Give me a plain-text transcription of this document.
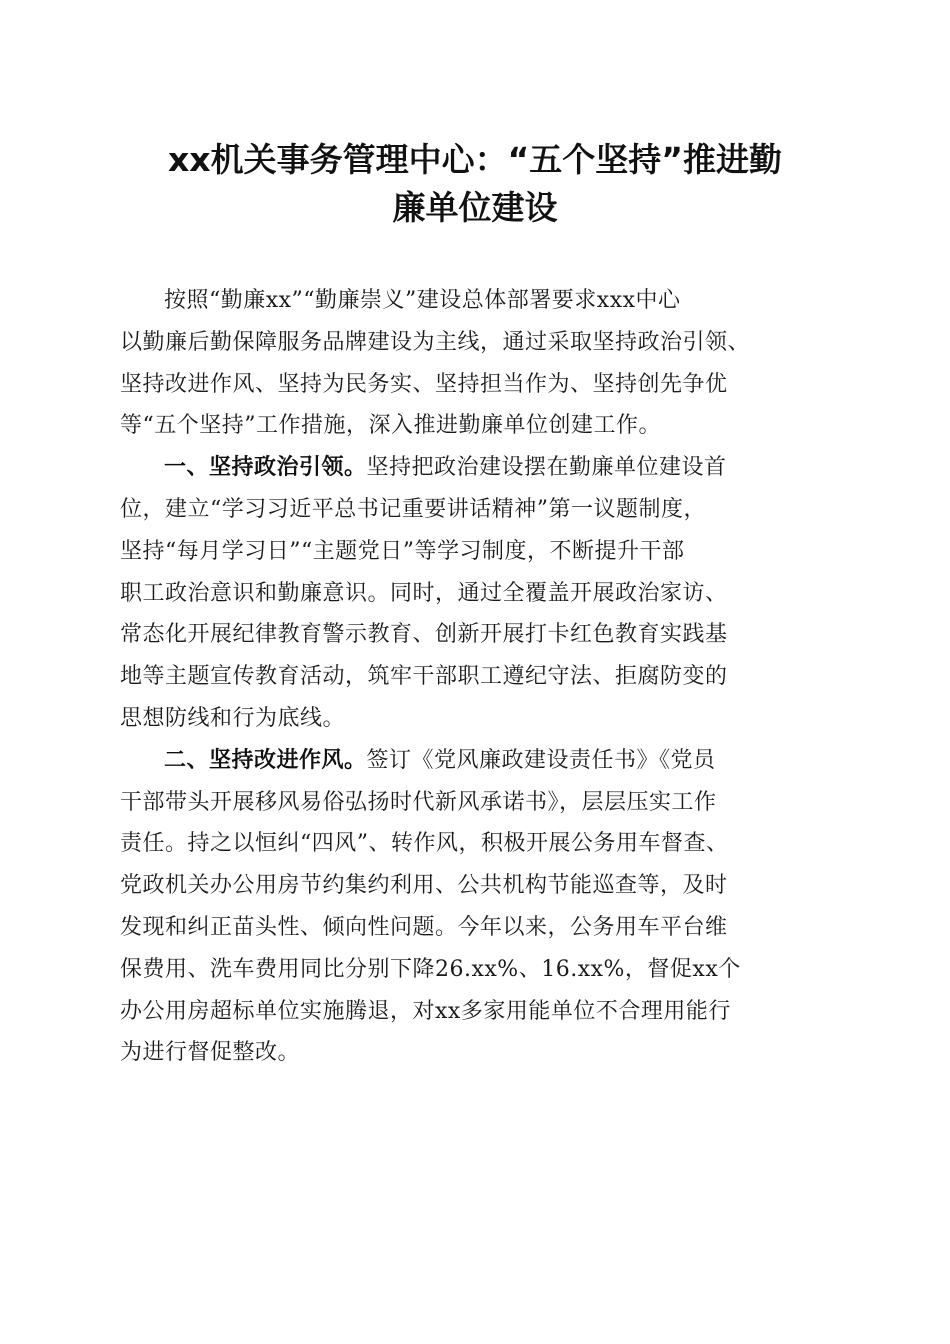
xx机关事务管理中心：“五个坚持”推进勤
廉单位建设

按照“勤廉xx”“勤廉崇义”建设总体部署要求xxx中心
以勤廉后勤保障服务品牌建设为主线，通过采取坚持政治引领、
坚持改进作风、坚持为民务实、坚持担当作为、坚持创先争优
等“五个坚持”工作措施，深入推进勤廉单位创建工作。

一、坚持政治引领。坚持把政治建设摆在勤廉单位建设首
位，建立“学习习近平总书记重要讲话精神”第一议题制度，
坚持“每月学习日”“主题党日”等学习制度，不断提升干部
职工政治意识和勤廉意识。同时，通过全覆盖开展政治家访、
常态化开展纪律教育警示教育、创新开展打卡红色教育实践基
地等主题宣传教育活动，筑牢干部职工遵纪守法、拒腐防变的
思想防线和行为底线。

二、坚持改进作风。签订《党风廉政建设责任书》《党员
干部带头开展移风易俗弘扬时代新风承诺书》，层层压实工作
责任。持之以恒纠“四风”、转作风，积极开展公务用车督查、
党政机关办公用房节约集约利用、公共机构节能巡查等，及时
发现和纠正苗头性、倾向性问题。今年以来，公务用车平台维
保费用、洗车费用同比分别下降26.xx%、16.xx%，督促xx个
办公用房超标单位实施腾退，对xx多家用能单位不合理用能行
为进行督促整改。
